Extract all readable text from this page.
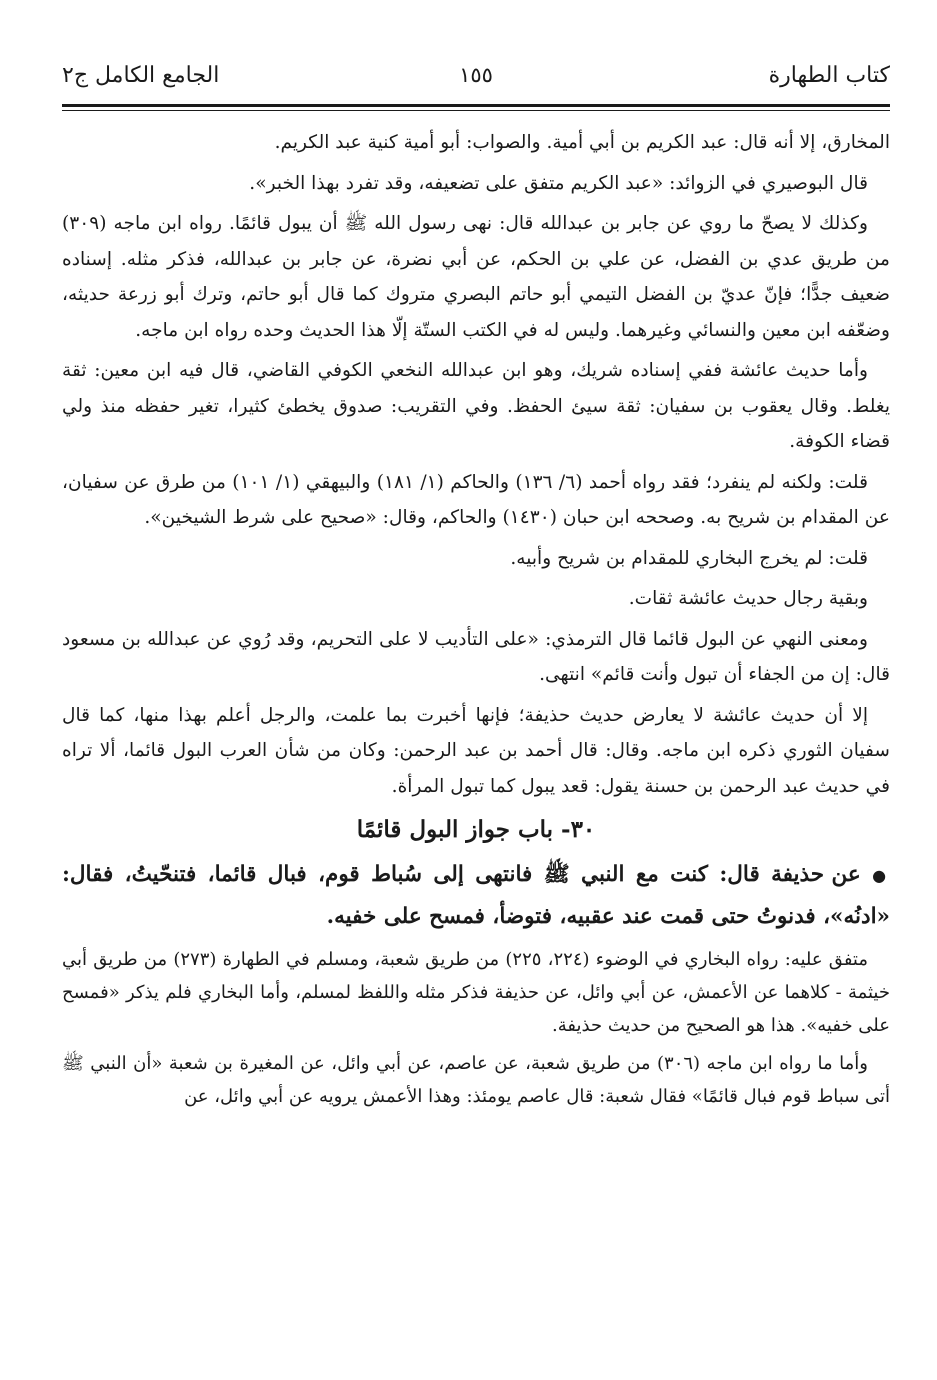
كتاب الطهارة
١٥٥
الجامع الكامل ج٢

المخارق، إلا أنه قال: عبد الكريم بن أبي أمية. والصواب: أبو أمية كنية عبد الكريم.

قال البوصيري في الزوائد: «عبد الكريم متفق على تضعيفه، وقد تفرد بهذا الخبر».

وكذلك لا يصحّ ما روي عن جابر بن عبدالله قال: نهى رسول الله ﷺ أن يبول قائمًا. رواه ابن ماجه (٣٠٩) من طريق عدي بن الفضل، عن علي بن الحكم، عن أبي نضرة، عن جابر بن عبدالله، فذكر مثله. إسناده ضعيف جدًّا؛ فإنّ عديّ بن الفضل التيمي أبو حاتم البصري متروك كما قال أبو حاتم، وترك أبو زرعة حديثه، وضعّفه ابن معين والنسائي وغيرهما. وليس له في الكتب الستّة إلّا هذا الحديث وحده رواه ابن ماجه.

وأما حديث عائشة ففي إسناده شريك، وهو ابن عبدالله النخعي الكوفي القاضي، قال فيه ابن معين: ثقة يغلط. وقال يعقوب بن سفيان: ثقة سيئ الحفظ. وفي التقريب: صدوق يخطئ كثيرا، تغير حفظه منذ ولي قضاء الكوفة.

قلت: ولكنه لم ينفرد؛ فقد رواه أحمد (٦/ ١٣٦) والحاكم (١/ ١٨١) والبيهقي (١/ ١٠١) من طرق عن سفيان، عن المقدام بن شريح به. وصححه ابن حبان (١٤٣٠) والحاكم، وقال: «صحيح على شرط الشيخين».

قلت: لم يخرج البخاري للمقدام بن شريح وأبيه.

وبقية رجال حديث عائشة ثقات.

ومعنى النهي عن البول قائما قال الترمذي: «على التأديب لا على التحريم، وقد رُوي عن عبدالله بن مسعود قال: إن من الجفاء أن تبول وأنت قائم» انتهى.

إلا أن حديث عائشة لا يعارض حديث حذيفة؛ فإنها أخبرت بما علمت، والرجل أعلم بهذا منها، كما قال سفيان الثوري ذكره ابن ماجه. وقال: قال أحمد بن عبد الرحمن: وكان من شأن العرب البول قائما، ألا تراه في حديث عبد الرحمن بن حسنة يقول: قعد يبول كما تبول المرأة.

٣٠- باب جواز البول قائمًا
● عن حذيفة قال: كنت مع النبي ﷺ فانتهى إلى سُباط قوم، فبال قائما، فتنحّيتُ، فقال: «ادنُه»، فدنوتُ حتى قمت عند عقبيه، فتوضأ، فمسح على خفيه.

متفق عليه: رواه البخاري في الوضوء (٢٢٤، ٢٢٥) من طريق شعبة، ومسلم في الطهارة (٢٧٣) من طريق أبي خيثمة - كلاهما عن الأعمش، عن أبي وائل، عن حذيفة فذكر مثله واللفظ لمسلم، وأما البخاري فلم يذكر «فمسح على خفيه». هذا هو الصحيح من حديث حذيفة.

وأما ما رواه ابن ماجه (٣٠٦) من طريق شعبة، عن عاصم، عن أبي وائل، عن المغيرة بن شعبة «أن النبي ﷺ أتى سباط قوم فبال قائمًا» فقال شعبة: قال عاصم يومئذ: وهذا الأعمش يرويه عن أبي وائل، عن
